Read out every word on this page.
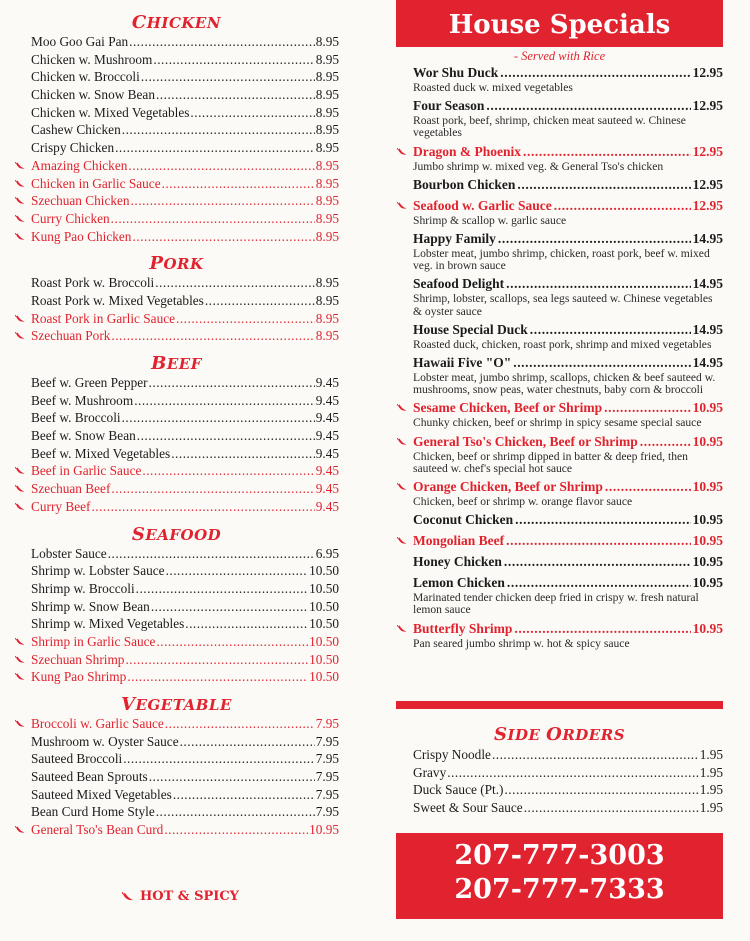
CHICKEN
Moo Goo Gai Pan .....	8.95
Chicken w. Mushroom .....	8.95
Chicken w. Broccoli .....	8.95
Chicken w. Snow Bean .....	8.95
Chicken w. Mixed Vegetables .....	8.95
Cashew Chicken .....	8.95
Crispy Chicken .....	8.95
Amazing Chicken .....	8.95
Chicken in Garlic Sauce .....	8.95
Szechuan Chicken .....	8.95
Curry Chicken .....	8.95
Kung Pao Chicken .....	8.95
PORK
Roast Pork w. Broccoli .....	8.95
Roast Pork w. Mixed Vegetables .....	8.95
Roast Pork in Garlic Sauce .....	8.95
Szechuan Pork .....	8.95
BEEF
Beef w. Green Pepper .....	9.45
Beef w. Mushroom .....	9.45
Beef w. Broccoli .....	9.45
Beef w. Snow Bean .....	9.45
Beef w. Mixed Vegetables .....	9.45
Beef in Garlic Sauce .....	9.45
Szechuan Beef .....	9.45
Curry Beef .....	9.45
SEAFOOD
Lobster Sauce .....	6.95
Shrimp w. Lobster Sauce .....	10.50
Shrimp w. Broccoli .....	10.50
Shrimp w. Snow Bean .....	10.50
Shrimp w. Mixed Vegetables .....	10.50
Shrimp in Garlic Sauce .....	10.50
Szechuan Shrimp .....	10.50
Kung Pao Shrimp .....	10.50
VEGETABLE
Broccoli w. Garlic Sauce .....	7.95
Mushroom w. Oyster Sauce .....	7.95
Sauteed Broccoli .....	7.95
Sauteed Bean Sprouts .....	7.95
Sauteed Mixed Vegetables .....	7.95
Bean Curd Home Style .....	7.95
General Tso's Bean Curd .....	10.95
HOT & SPICY
House Specials
- Served with Rice
Wor Shu Duck .....	12.95
Roasted duck w. mixed vegetables
Four Season .....	12.95
Roast pork, beef, shrimp, chicken meat sauteed w. Chinese vegetables
Dragon & Phoenix .....	12.95
Jumbo shrimp w. mixed veg. & General Tso's chicken
Bourbon Chicken .....	12.95
Seafood w. Garlic Sauce .....	12.95
Shrimp & scallop w. garlic sauce
Happy Family .....	14.95
Lobster meat, jumbo shrimp, chicken, roast pork, beef w. mixed veg. in brown sauce
Seafood Delight .....	14.95
Shrimp, lobster, scallops, sea legs sauteed w. Chinese vegetables & oyster sauce
House Special Duck .....	14.95
Roasted duck, chicken, roast pork, shrimp and mixed vegetables
Hawaii Five "O" .....	14.95
Lobster meat, jumbo shrimp, scallops, chicken & beef sauteed w. mushrooms, snow peas, water chestnuts, baby corn & broccoli
Sesame Chicken, Beef or Shrimp .....	10.95
Chunky chicken, beef or shrimp in spicy sesame special sauce
General Tso's Chicken, Beef or Shrimp .....	10.95
Chicken, beef or shrimp dipped in batter & deep fried, then sauteed w. chef's special hot sauce
Orange Chicken, Beef or Shrimp .....	10.95
Chicken, beef or shrimp w. orange flavor sauce
Coconut Chicken .....	10.95
Mongolian Beef .....	10.95
Honey Chicken .....	10.95
Lemon Chicken .....	10.95
Marinated tender chicken deep fried in crispy w. fresh natural lemon sauce
Butterfly Shrimp .....	10.95
Pan seared jumbo shrimp w. hot & spicy sauce
SIDE ORDERS
Crispy Noodle .....	1.95
Gravy .....	1.95
Duck Sauce (Pt.) .....	1.95
Sweet & Sour Sauce .....	1.95
207-777-3003
207-777-7333
